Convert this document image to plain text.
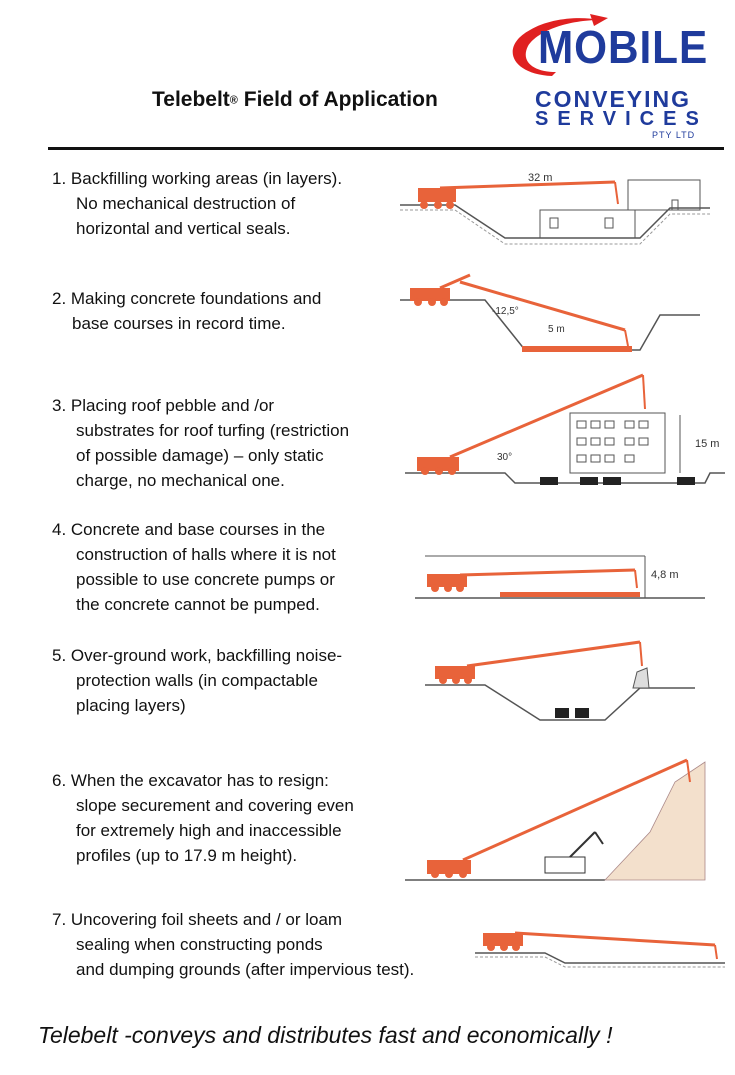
Telebelt® Field of Application
MOBILE
CONVEYING
SERVICES
PTY LTD
1. Backfilling working areas (in layers).
No mechanical destruction of
horizontal and vertical seals.
32 m
2. Making concrete foundations and
base courses in record time.
-12,5°
5 m
3. Placing roof pebble and /or
substrates for roof turfing (restriction
of possible damage) – only static
charge, no mechanical one.
30°
15 m
4. Concrete and base courses in the
construction of halls where it is not
possible to use concrete pumps or
the concrete cannot be pumped.
4,8 m
5. Over-ground work, backfilling noise-
protection walls (in compactable
placing layers)
6. When the excavator has to resign:
slope securement and covering even
for extremely high and inaccessible
profiles (up to 17.9 m height).
7. Uncovering foil sheets and / or loam
sealing when constructing ponds
and dumping grounds (after impervious test).
Telebelt -conveys and distributes fast and economically !
